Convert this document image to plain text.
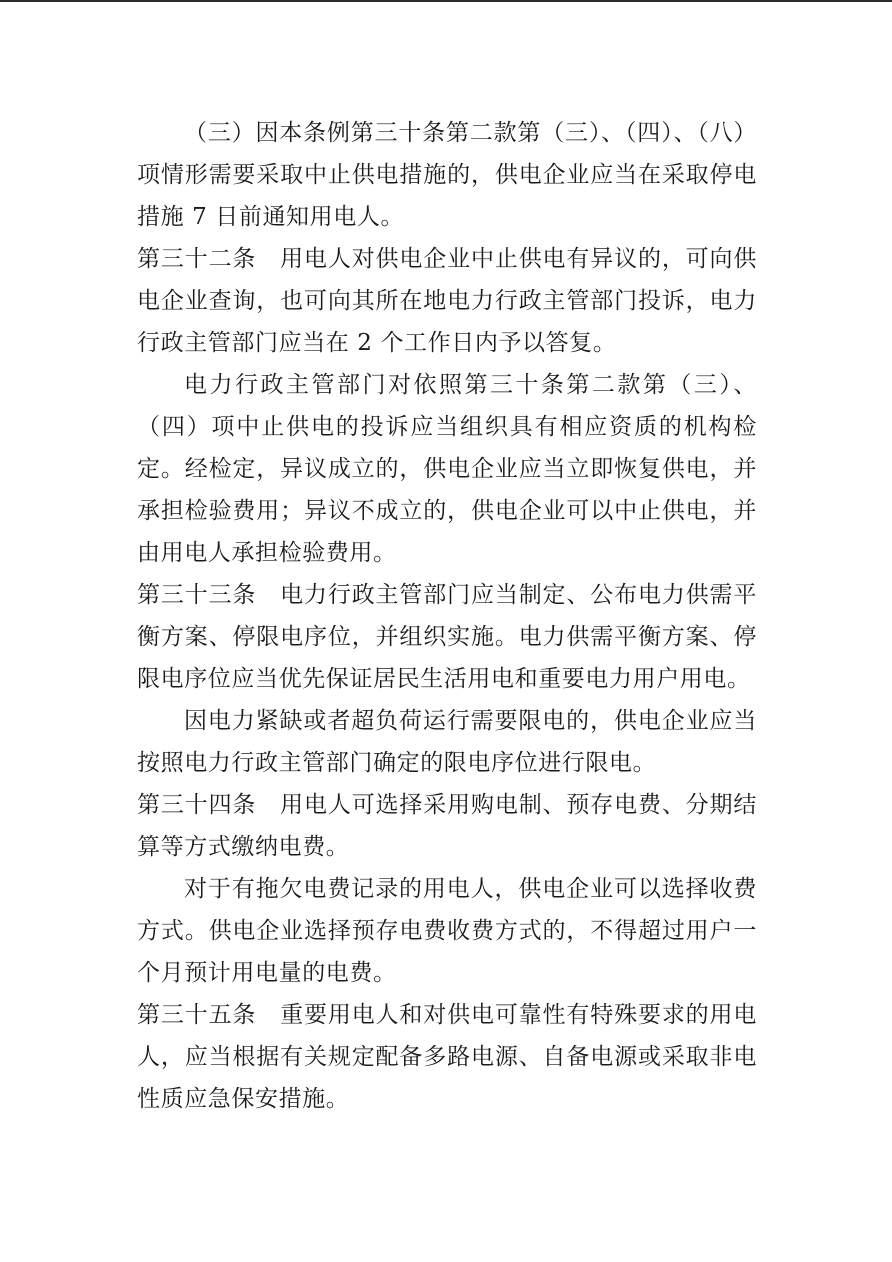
（三）因本条例第三十条第二款第（三）、（四）、（八）项情形需要采取中止供电措施的，供电企业应当在采取停电措施 7 日前通知用电人。

第三十二条　用电人对供电企业中止供电有异议的，可向供电企业查询，也可向其所在地电力行政主管部门投诉，电力行政主管部门应当在 2 个工作日内予以答复。

电力行政主管部门对依照第三十条第二款第（三）、（四）项中止供电的投诉应当组织具有相应资质的机构检定。经检定，异议成立的，供电企业应当立即恢复供电，并承担检验费用；异议不成立的，供电企业可以中止供电，并由用电人承担检验费用。

第三十三条　电力行政主管部门应当制定、公布电力供需平衡方案、停限电序位，并组织实施。电力供需平衡方案、停限电序位应当优先保证居民生活用电和重要电力用户用电。

因电力紧缺或者超负荷运行需要限电的，供电企业应当按照电力行政主管部门确定的限电序位进行限电。

第三十四条　用电人可选择采用购电制、预存电费、分期结算等方式缴纳电费。

对于有拖欠电费记录的用电人，供电企业可以选择收费方式。供电企业选择预存电费收费方式的，不得超过用户一个月预计用电量的电费。

第三十五条　重要用电人和对供电可靠性有特殊要求的用电人，应当根据有关规定配备多路电源、自备电源或采取非电性质应急保安措施。
